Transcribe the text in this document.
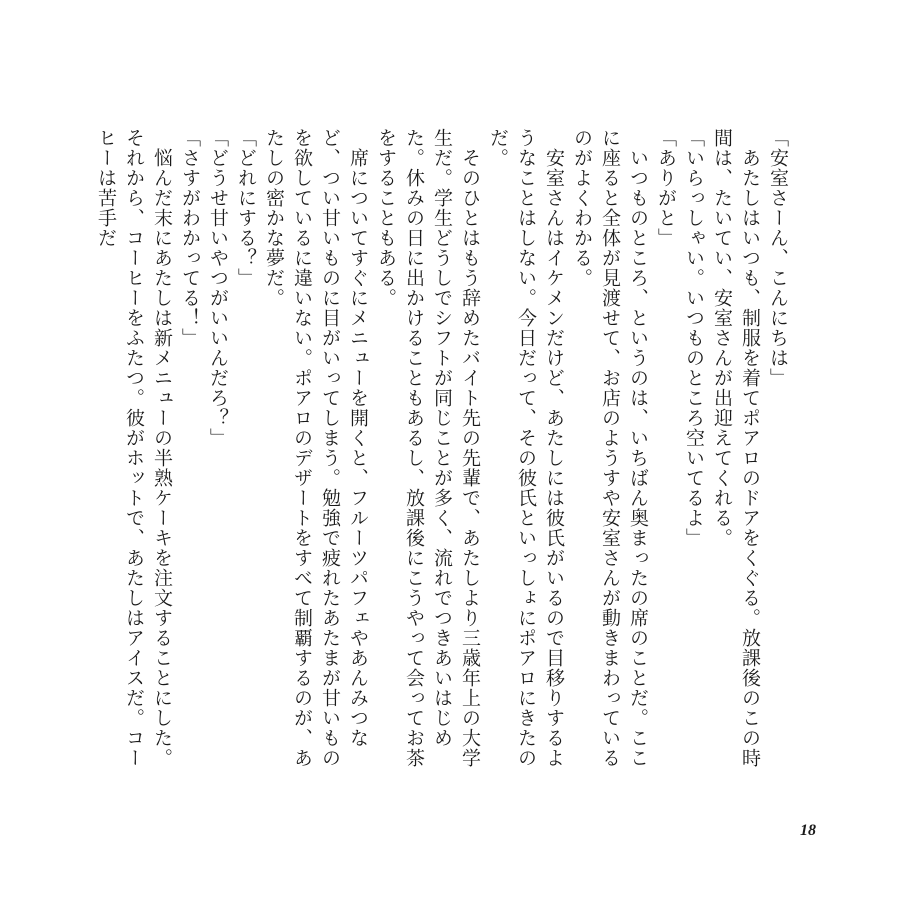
「安室さーん、こんにちは」

　あたしはいつも、制服を着てポアロのドアをくぐる。放課後のこの時間は、たいてい、安室さんが出迎えてくれる。

「いらっしゃい。いつものところ空いてるよ」

「ありがと」

　いつものところ、というのは、いちばん奥まったの席のことだ。ここに座ると全体が見渡せて、お店のようすや安室さんが動きまわっているのがよくわかる。

　安室さんはイケメンだけど、あたしには彼氏がいるので目移りするようなことはしない。今日だって、その彼氏といっしょにポアロにきたのだ。

　そのひとはもう辞めたバイト先の先輩で、あたしより三歳年上の大学生だ。学生どうしでシフトが同じことが多く、流れでつきあいはじめた。休みの日に出かけることもあるし、放課後にこうやって会ってお茶をすることもある。

　席についてすぐにメニューを開くと、フルーツパフェやあんみつなど、つい甘いものに目がいってしまう。勉強で疲れたあたまが甘いものを欲しているに違いない。ポアロのデザートをすべて制覇するのが、あたしの密かな夢だ。

「どれにする？」

「どうせ甘いやつがいいんだろ？」

「さすがわかってる！」

　悩んだ末にあたしは新メニューの半熟ケーキを注文することにした。それから、コーヒーをふたつ。彼がホットで、あたしはアイスだ。コーヒーは苦手だ

18
